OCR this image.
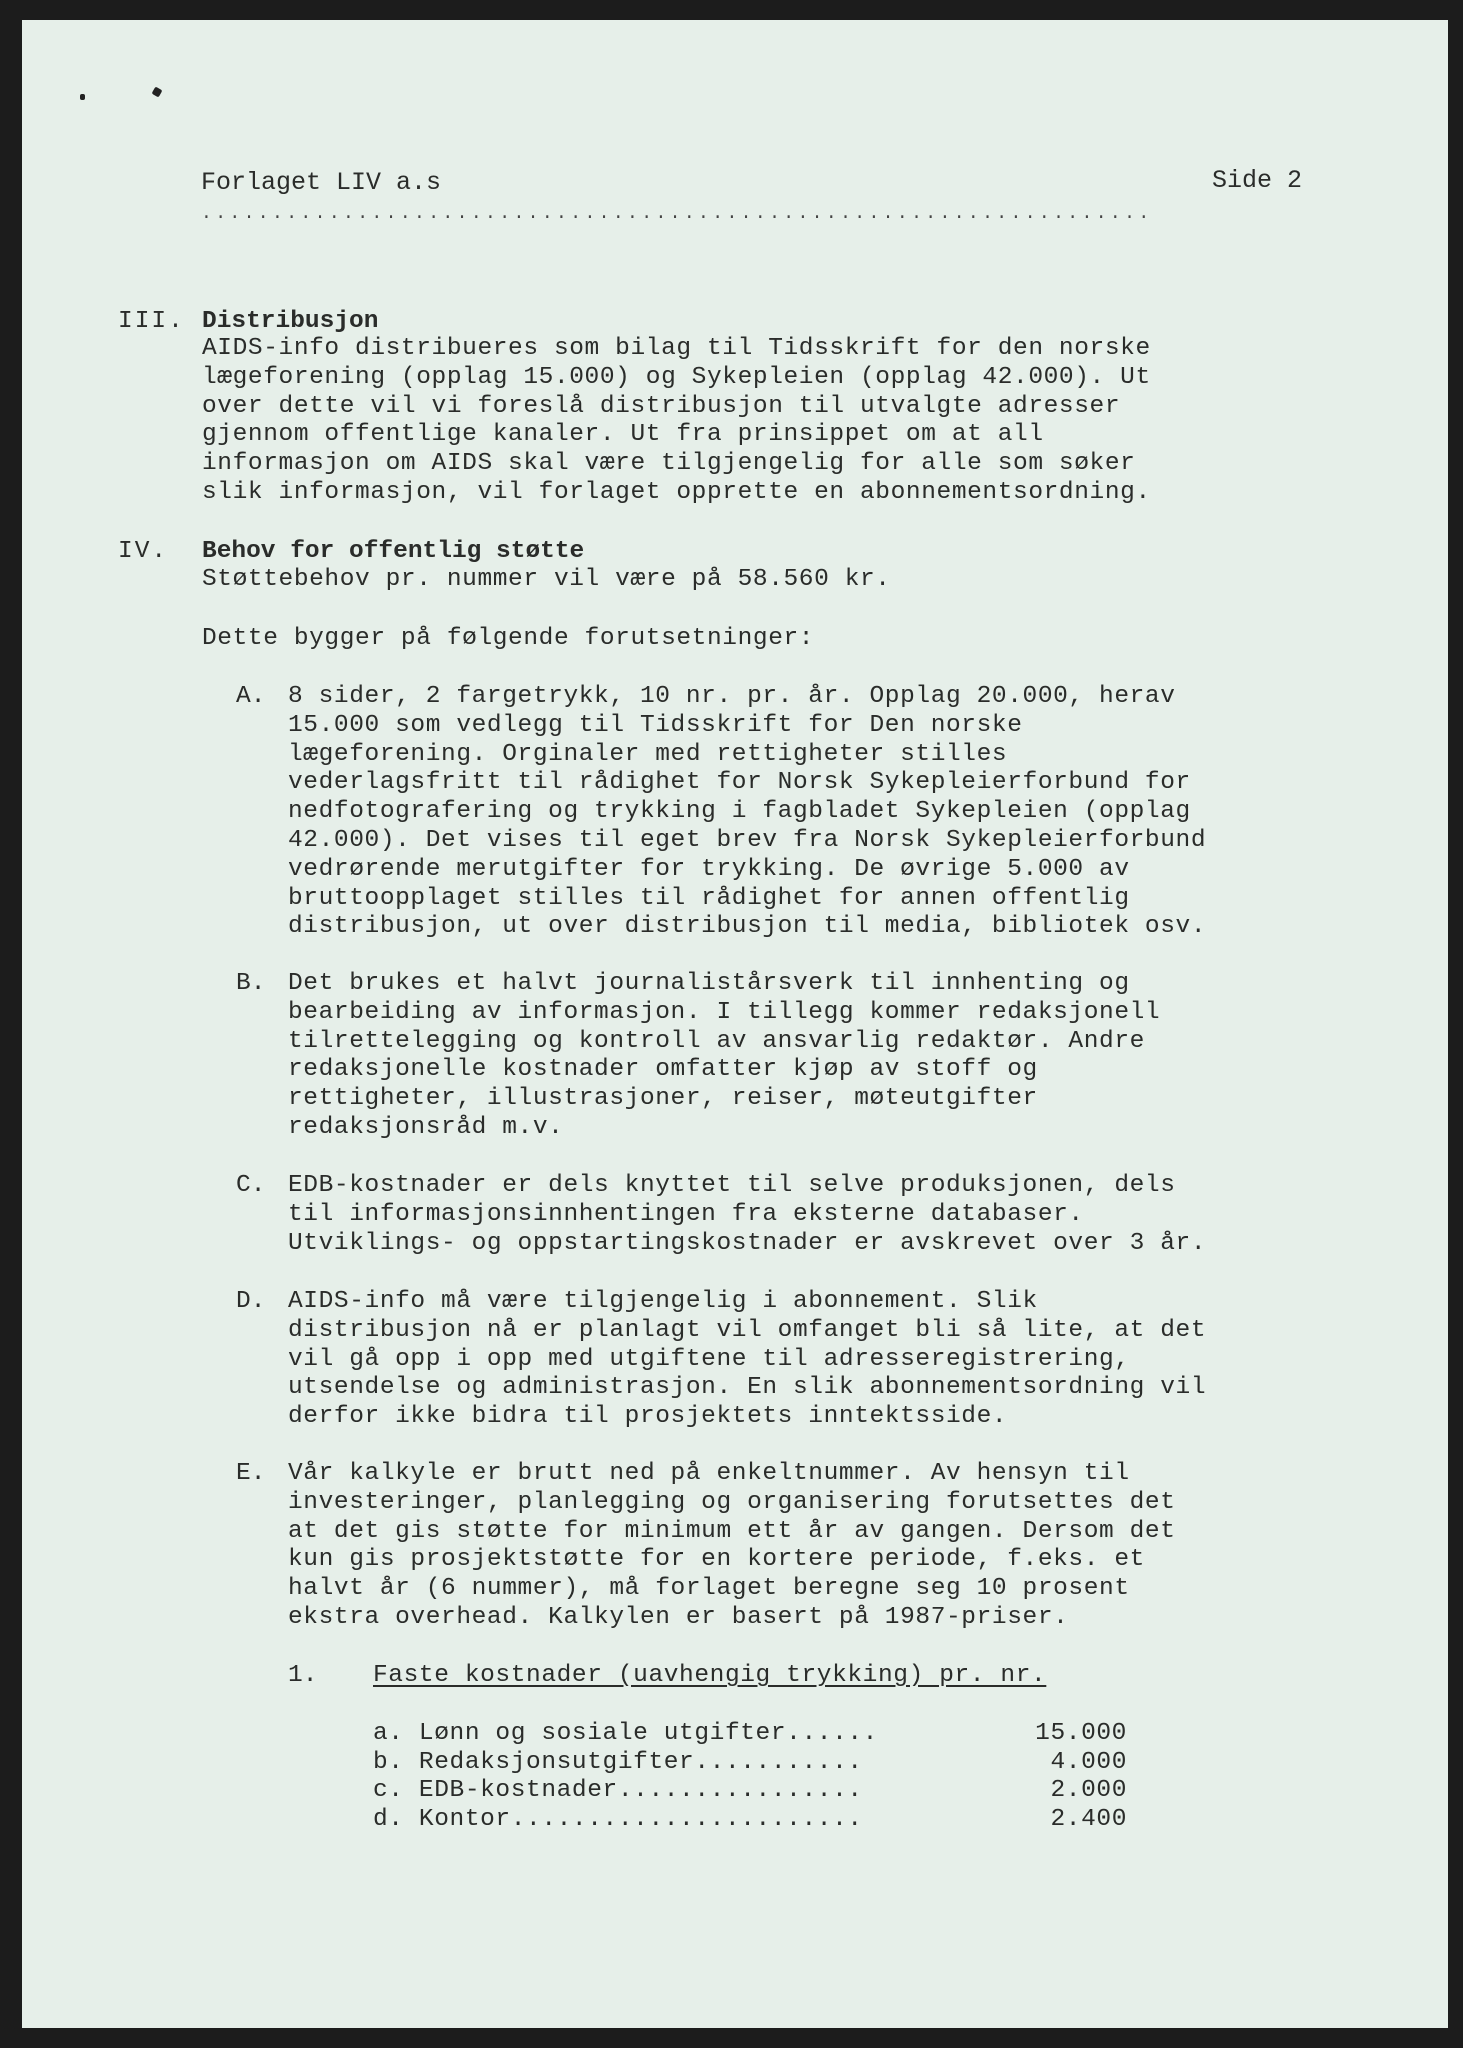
Forlaget LIV a.s	Side 2
...................................................................
III. Distribusjon
AIDS-info distribueres som bilag til Tidsskrift for den norske
lægeforening (opplag 15.000) og Sykepleien (opplag 42.000). Ut
over dette vil vi foreslå distribusjon til utvalgte adresser
gjennom offentlige kanaler. Ut fra prinsippet om at all
informasjon om AIDS skal være tilgjengelig for alle som søker
slik informasjon, vil forlaget opprette en abonnementsordning.
IV. Behov for offentlig støtte
Støttebehov pr. nummer vil være på 58.560 kr.
Dette bygger på følgende forutsetninger:
A. 8 sider, 2 fargetrykk, 10 nr. pr. år. Opplag 20.000, herav
15.000 som vedlegg til Tidsskrift for Den norske
lægeforening. Orginaler med rettigheter stilles
vederlagsfritt til rådighet for Norsk Sykepleierforbund for
nedfotografering og trykking i fagbladet Sykepleien (opplag
42.000). Det vises til eget brev fra Norsk Sykepleierforbund
vedrørende merutgifter for trykking. De øvrige 5.000 av
bruttoopplaget stilles til rådighet for annen offentlig
distribusjon, ut over distribusjon til media, bibliotek osv.
B. Det brukes et halvt journalistårsverk til innhenting og
bearbeiding av informasjon. I tillegg kommer redaksjonell
tilrettelegging og kontroll av ansvarlig redaktør. Andre
redaksjonelle kostnader omfatter kjøp av stoff og
rettigheter, illustrasjoner, reiser, møteutgifter
redaksjonsråd m.v.
C. EDB-kostnader er dels knyttet til selve produksjonen, dels
til informasjonsinnhentingen fra eksterne databaser.
Utviklings- og oppstartingskostnader er avskrevet over 3 år.
D. AIDS-info må være tilgjengelig i abonnement. Slik
distribusjon nå er planlagt vil omfanget bli så lite, at det
vil gå opp i opp med utgiftene til adresseregistrering,
utsendelse og administrasjon. En slik abonnementsordning vil
derfor ikke bidra til prosjektets inntektsside.
E. Vår kalkyle er brutt ned på enkeltnummer. Av hensyn til
investeringer, planlegging og organisering forutsettes det
at det gis støtte for minimum ett år av gangen. Dersom det
kun gis prosjektstøtte for en kortere periode, f.eks. et
halvt år (6 nummer), må forlaget beregne seg 10 prosent
ekstra overhead. Kalkylen er basert på 1987-priser.
1. Faste kostnader (uavhengig trykking) pr. nr.
a. Lønn og sosiale utgifter......	15.000
b. Redaksjonsutgifter...........	4.000
c. EDB-kostnader................	2.000
d. Kontor.......................	2.400
